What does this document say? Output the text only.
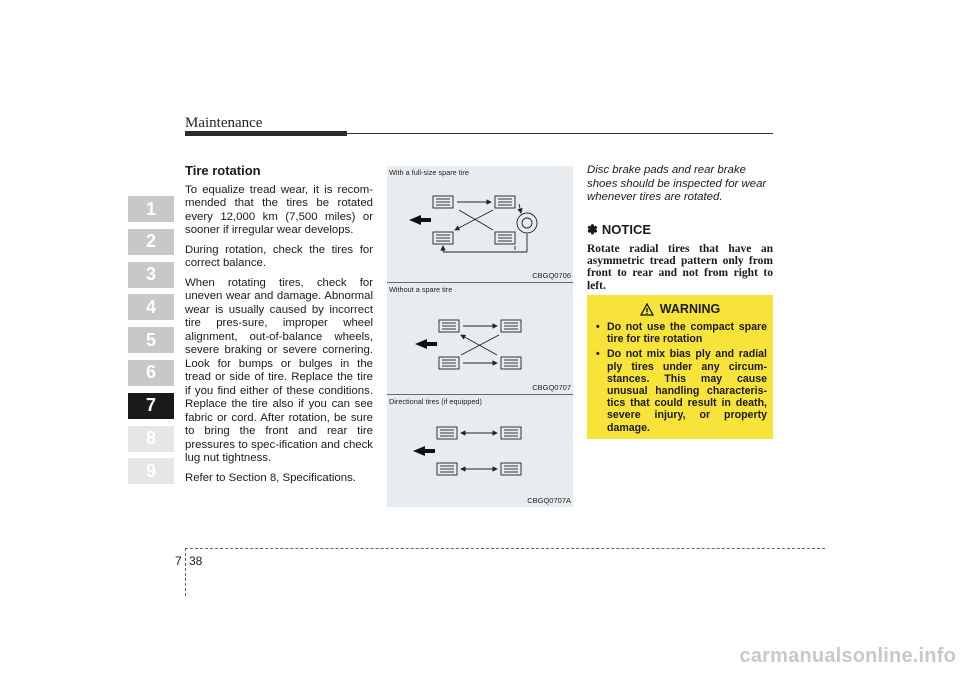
Maintenance
1
2
3
4
5
6
7
8
9
Tire rotation

To equalize tread wear, it is recom-mended that the tires be rotated every 12,000 km (7,500 miles) or sooner if irregular wear develops.

During rotation, check the tires for correct balance.

When rotating tires, check for uneven wear and damage. Abnormal wear is usually caused by incorrect tire pres-sure, improper wheel alignment, out-of-balance wheels, severe braking or severe cornering. Look for bumps or bulges in the tread or side of tire. Replace the tire if you find either of these conditions. Replace the tire also if you can see fabric or cord. After rotation, be sure to bring the front and rear tire pressures to spec-ification and check lug nut tightness.

Refer to Section 8, Specifications.

With a full-size spare tire
CBGQ0706
Without a spare tire
CBGQ0707
Directional tires (if equipped)
CBGQ0707A

Disc brake pads and rear brake shoes should be inspected for wear whenever tires are rotated.

✽ NOTICE
Rotate radial tires that have an asymmetric tread pattern only from front to rear and not from right to left.
WARNING
• Do not use the compact spare tire for tire rotation
• Do not mix bias ply and radial ply tires under any circum-stances. This may cause unusual handling characteris-tics that could result in death, severe injury, or property damage.
7 38
carmanualsonline.info
